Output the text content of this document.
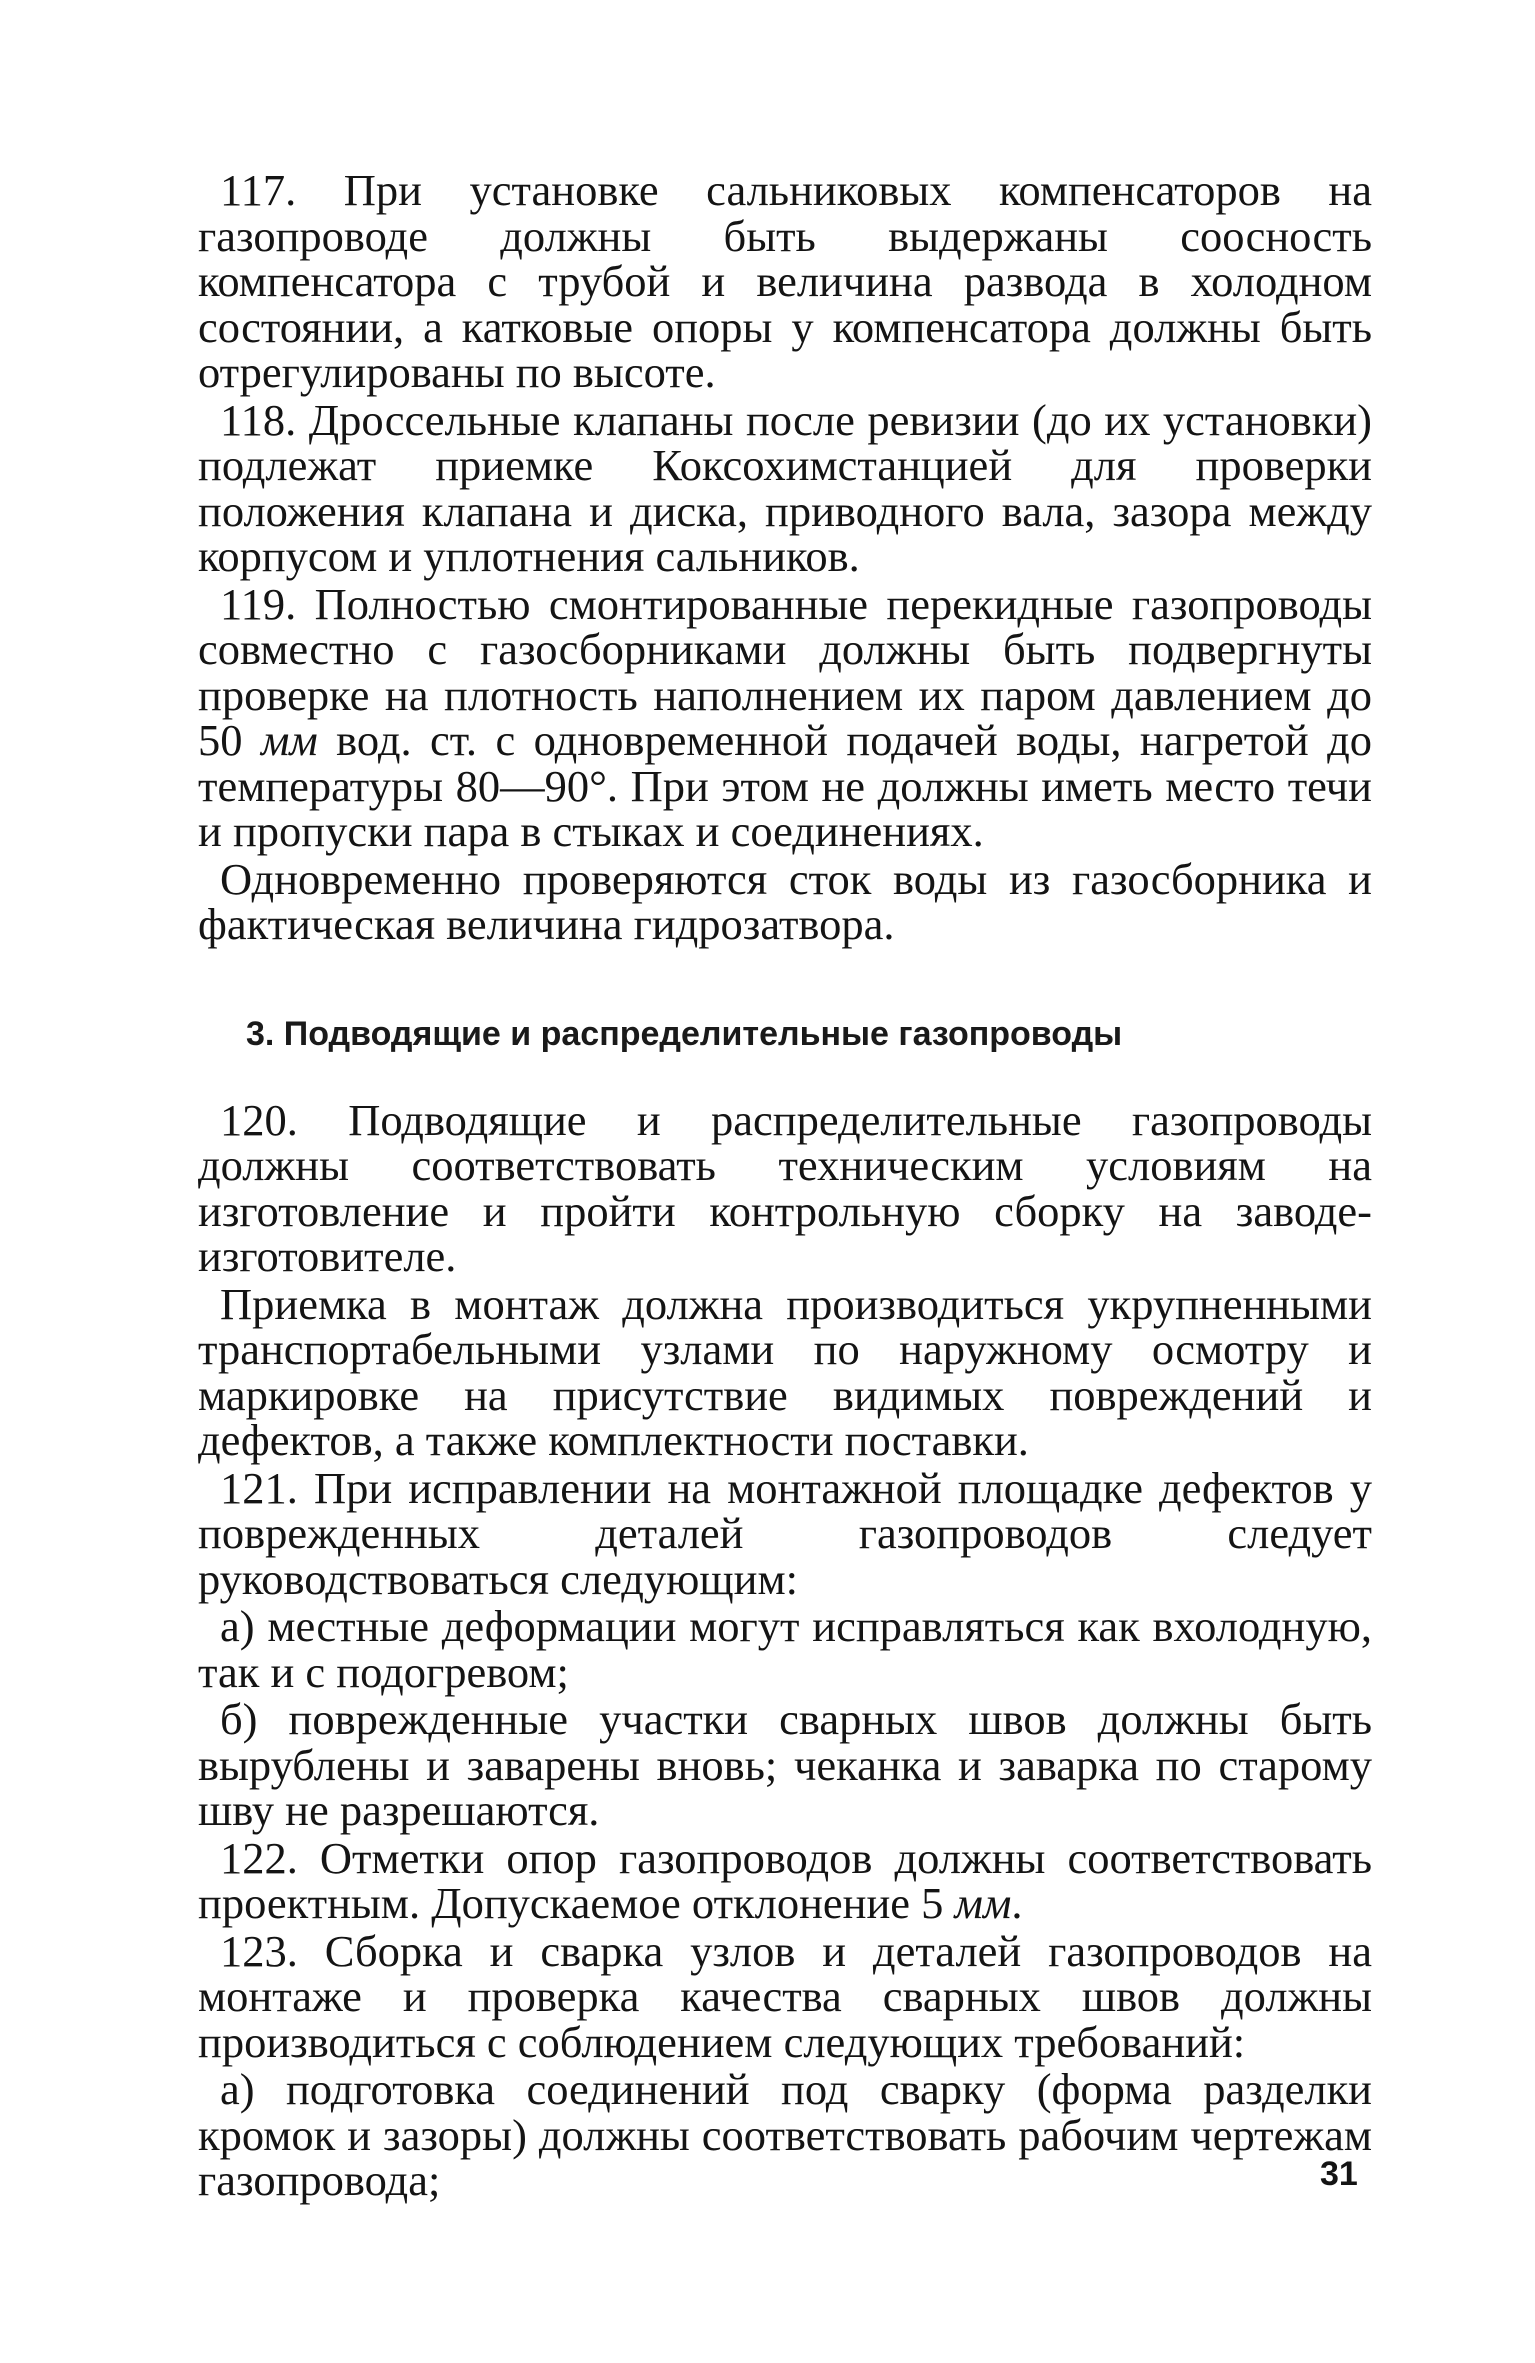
117. При установке сальниковых компенсаторов на газопроводе должны быть выдержаны соосность компенсатора с трубой и величина развода в холодном состоянии, а катковые опоры у компенсатора должны быть отрегулированы по высоте.

118. Дроссельные клапаны после ревизии (до их установки) подлежат приемке Коксохимстанцией для проверки положения клапана и диска, приводного вала, зазора между корпусом и уплотнения сальников.

119. Полностью смонтированные перекидные газопроводы совместно с газосборниками должны быть подвергнуты проверке на плотность наполнением их паром давлением до 50 мм вод. ст. с одновременной подачей воды, нагретой до температуры 80—90°. При этом не должны иметь место течи и пропуски пара в стыках и соединениях.

Одновременно проверяются сток воды из газосборника и фактическая величина гидрозатвора.

3. Подводящие и распределительные газопроводы

120. Подводящие и распределительные газопроводы должны соответствовать техническим условиям на изготовление и пройти контрольную сборку на заводе-изготовителе.

Приемка в монтаж должна производиться укрупненными транспортабельными узлами по наружному осмотру и маркировке на присутствие видимых повреждений и дефектов, а также комплектности поставки.

121. При исправлении на монтажной площадке дефектов у поврежденных деталей газопроводов следует руководствоваться следующим:

а) местные деформации могут исправляться как вхолодную, так и с подогревом;

б) поврежденные участки сварных швов должны быть вырублены и заварены вновь; чеканка и заварка по старому шву не разрешаются.

122. Отметки опор газопроводов должны соответствовать проектным. Допускаемое отклонение 5 мм.

123. Сборка и сварка узлов и деталей газопроводов на монтаже и проверка качества сварных швов должны производиться с соблюдением следующих требований:

а) подготовка соединений под сварку (форма разделки кромок и зазоры) должны соответствовать рабочим чертежам газопровода;	31
